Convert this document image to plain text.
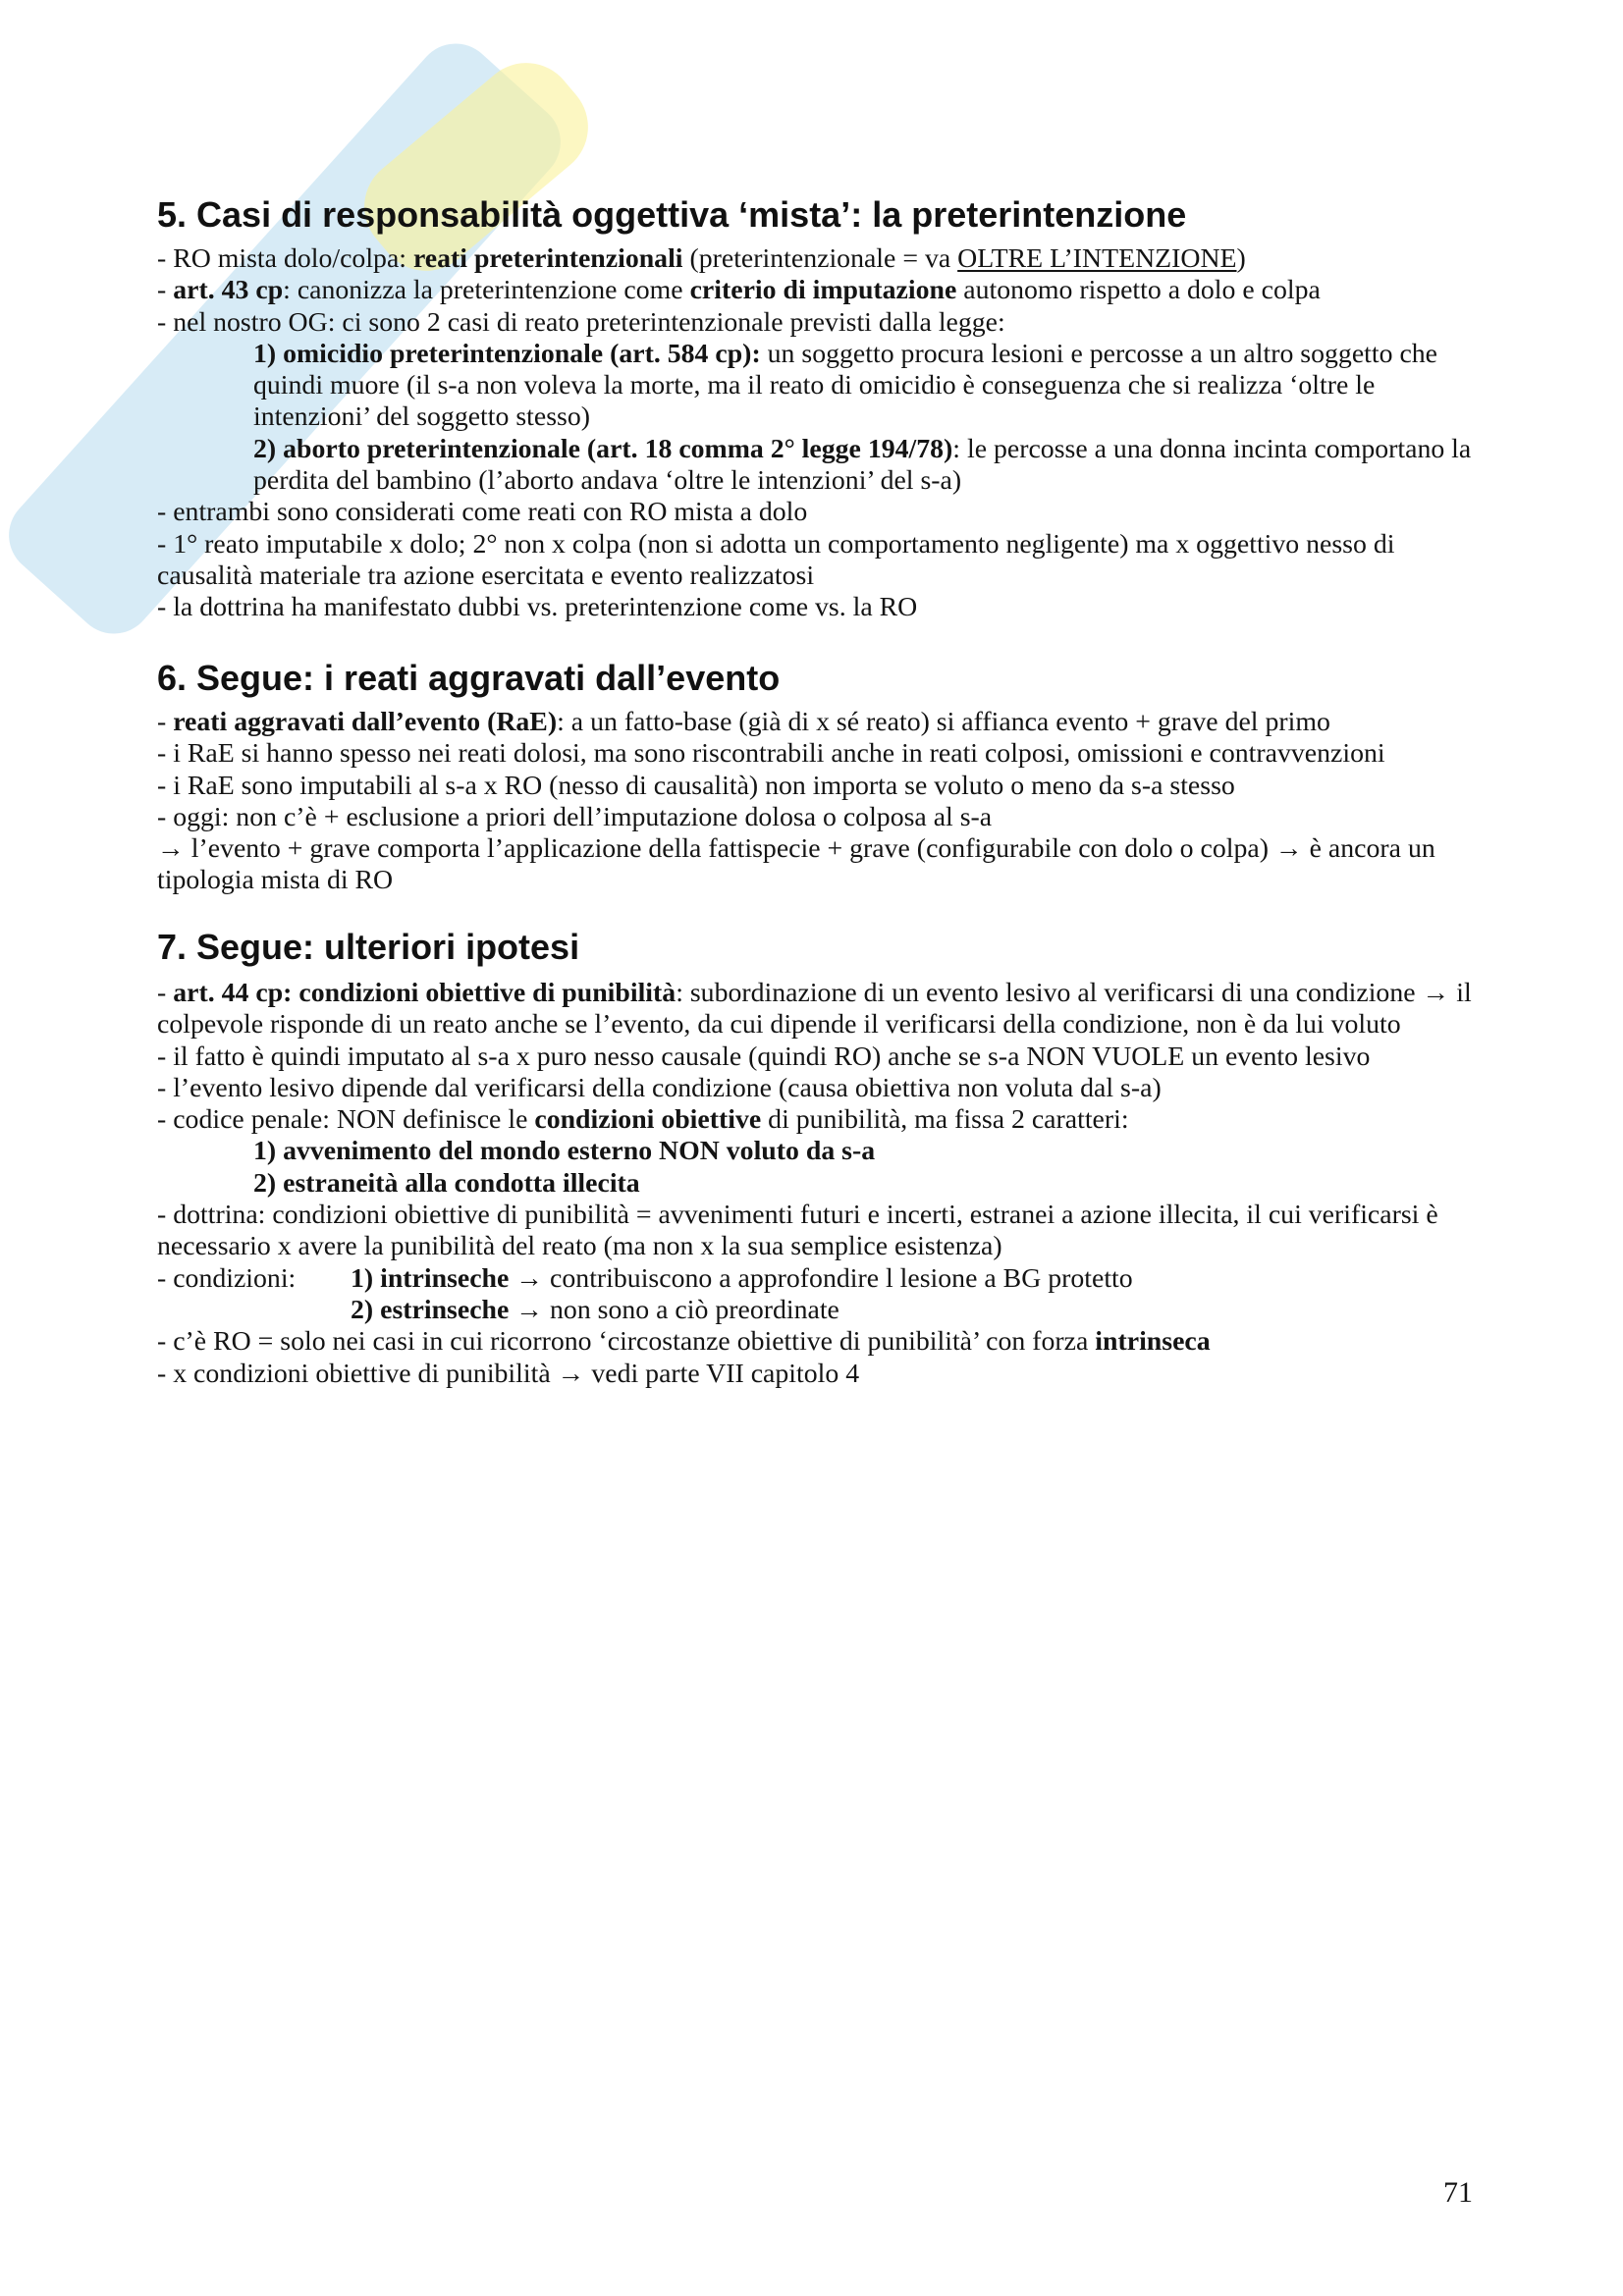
5. Casi di responsabilità oggettiva ‘mista’: la preterintenzione
- RO mista dolo/colpa: reati preterintenzionali (preterintenzionale = va OLTRE L’INTENZIONE)
- art. 43 cp: canonizza la preterintenzione come criterio di imputazione autonomo rispetto a dolo e colpa
- nel nostro OG: ci sono 2 casi di reato preterintenzionale previsti dalla legge:
1) omicidio preterintenzionale (art. 584 cp): un soggetto procura lesioni e percosse a un altro soggetto che
quindi muore (il s-a non voleva la morte, ma il reato di omicidio è conseguenza che si realizza ‘oltre le
intenzioni’ del soggetto stesso)
2) aborto preterintenzionale (art. 18 comma 2° legge 194/78): le percosse a una donna incinta comportano la
perdita del bambino (l’aborto andava ‘oltre le intenzioni’ del s-a)
- entrambi sono considerati come reati con RO mista a dolo
- 1° reato imputabile x dolo; 2° non x colpa (non si adotta un comportamento negligente) ma x oggettivo nesso di
causalità materiale tra azione esercitata e evento realizzatosi
- la dottrina ha manifestato dubbi vs. preterintenzione come vs. la RO
6. Segue: i reati aggravati dall’evento
- reati aggravati dall’evento (RaE): a un fatto-base (già di x sé reato) si affianca evento + grave del primo
- i RaE si hanno spesso nei reati dolosi, ma sono riscontrabili anche in reati colposi, omissioni e contravvenzioni
- i RaE sono imputabili al s-a x RO (nesso di causalità) non importa se voluto o meno da s-a stesso
- oggi: non c’è + esclusione a priori dell’imputazione dolosa o colposa al s-a
→ l’evento + grave comporta l’applicazione della fattispecie + grave (configurabile con dolo o colpa) → è ancora un
tipologia mista di RO
7. Segue: ulteriori ipotesi
- art. 44 cp: condizioni obiettive di punibilità: subordinazione di un evento lesivo al verificarsi di una condizione → il
colpevole risponde di un reato anche se l’evento, da cui dipende il verificarsi della condizione, non è da lui voluto
- il fatto è quindi imputato al s-a x puro nesso causale (quindi RO) anche se s-a NON VUOLE un evento lesivo
- l’evento lesivo dipende dal verificarsi della condizione (causa obiettiva non voluta dal s-a)
- codice penale: NON definisce le condizioni obiettive di punibilità, ma fissa 2 caratteri:
1) avvenimento del mondo esterno NON voluto da s-a
2) estraneità alla condotta illecita
- dottrina: condizioni obiettive di punibilità = avvenimenti futuri e incerti, estranei a azione illecita, il cui verificarsi è
necessario x avere la punibilità del reato (ma non x la sua semplice esistenza)
- condizioni: 1) intrinseche → contribuiscono a approfondire l lesione a BG protetto
2) estrinseche → non sono a ciò preordinate
- c’è RO = solo nei casi in cui ricorrono ‘circostanze obiettive di punibilità’ con forza intrinseca
- x condizioni obiettive di punibilità → vedi parte VII capitolo 4
71
